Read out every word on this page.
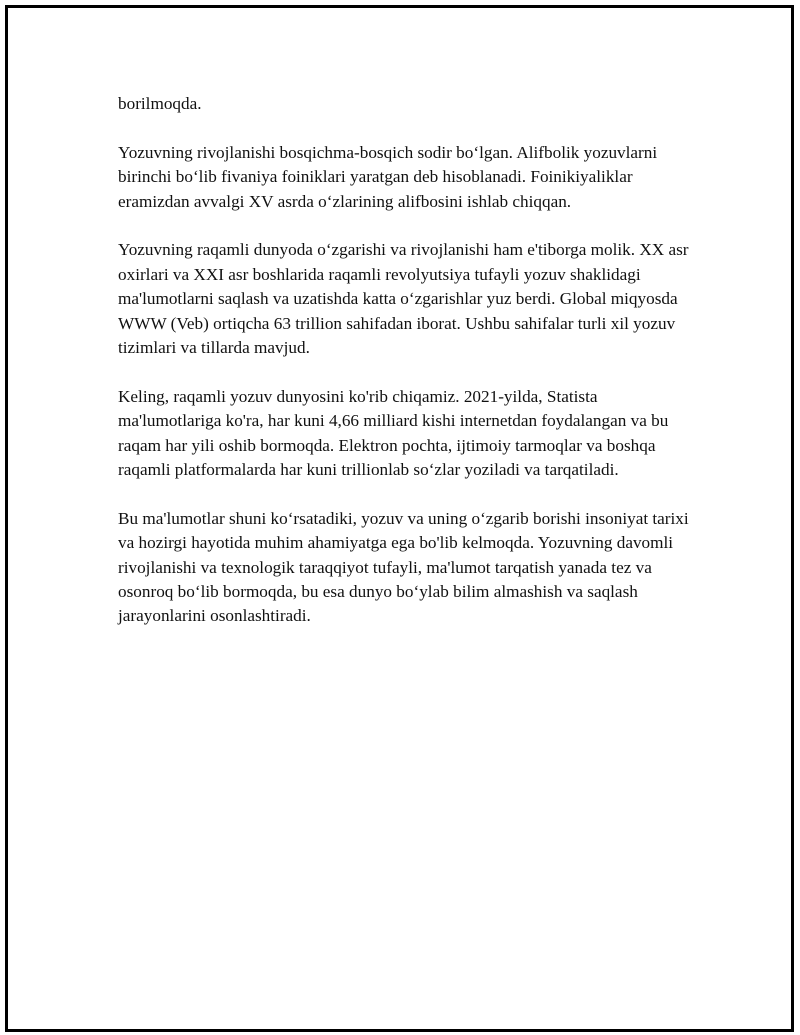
borilmoqda.

Yozuvning rivojlanishi bosqichma-bosqich sodir bo‘lgan. Alifbolik yozuvlarni birinchi bo‘lib fivaniya foiniklari yaratgan deb hisoblanadi. Foinikiyaliklar eramizdan avvalgi XV asrda o‘zlarining alifbosini ishlab chiqqan.

Yozuvning raqamli dunyoda o‘zgarishi va rivojlanishi ham e'tiborga molik. XX asr oxirlari va XXI asr boshlarida raqamli revolyutsiya tufayli yozuv shaklidagi ma'lumotlarni saqlash va uzatishda katta o‘zgarishlar yuz berdi. Global miqyosda WWW (Veb) ortiqcha 63 trillion sahifadan iborat. Ushbu sahifalar turli xil yozuv tizimlari va tillarda mavjud.

Keling, raqamli yozuv dunyosini ko'rib chiqamiz. 2021-yilda, Statista ma'lumotlariga ko'ra, har kuni 4,66 milliard kishi internetdan foydalangan va bu raqam har yili oshib bormoqda. Elektron pochta, ijtimoiy tarmoqlar va boshqa raqamli platformalarda har kuni trillionlab so‘zlar yoziladi va tarqatiladi.

Bu ma'lumotlar shuni ko‘rsatadiki, yozuv va uning o‘zgarib borishi insoniyat tarixi va hozirgi hayotida muhim ahamiyatga ega bo'lib kelmoqda. Yozuvning davomli rivojlanishi va texnologik taraqqiyot tufayli, ma'lumot tarqatish yanada tez va osonroq bo‘lib bormoqda, bu esa dunyo bo‘ylab bilim almashish va saqlash jarayonlarini osonlashtiradi.
